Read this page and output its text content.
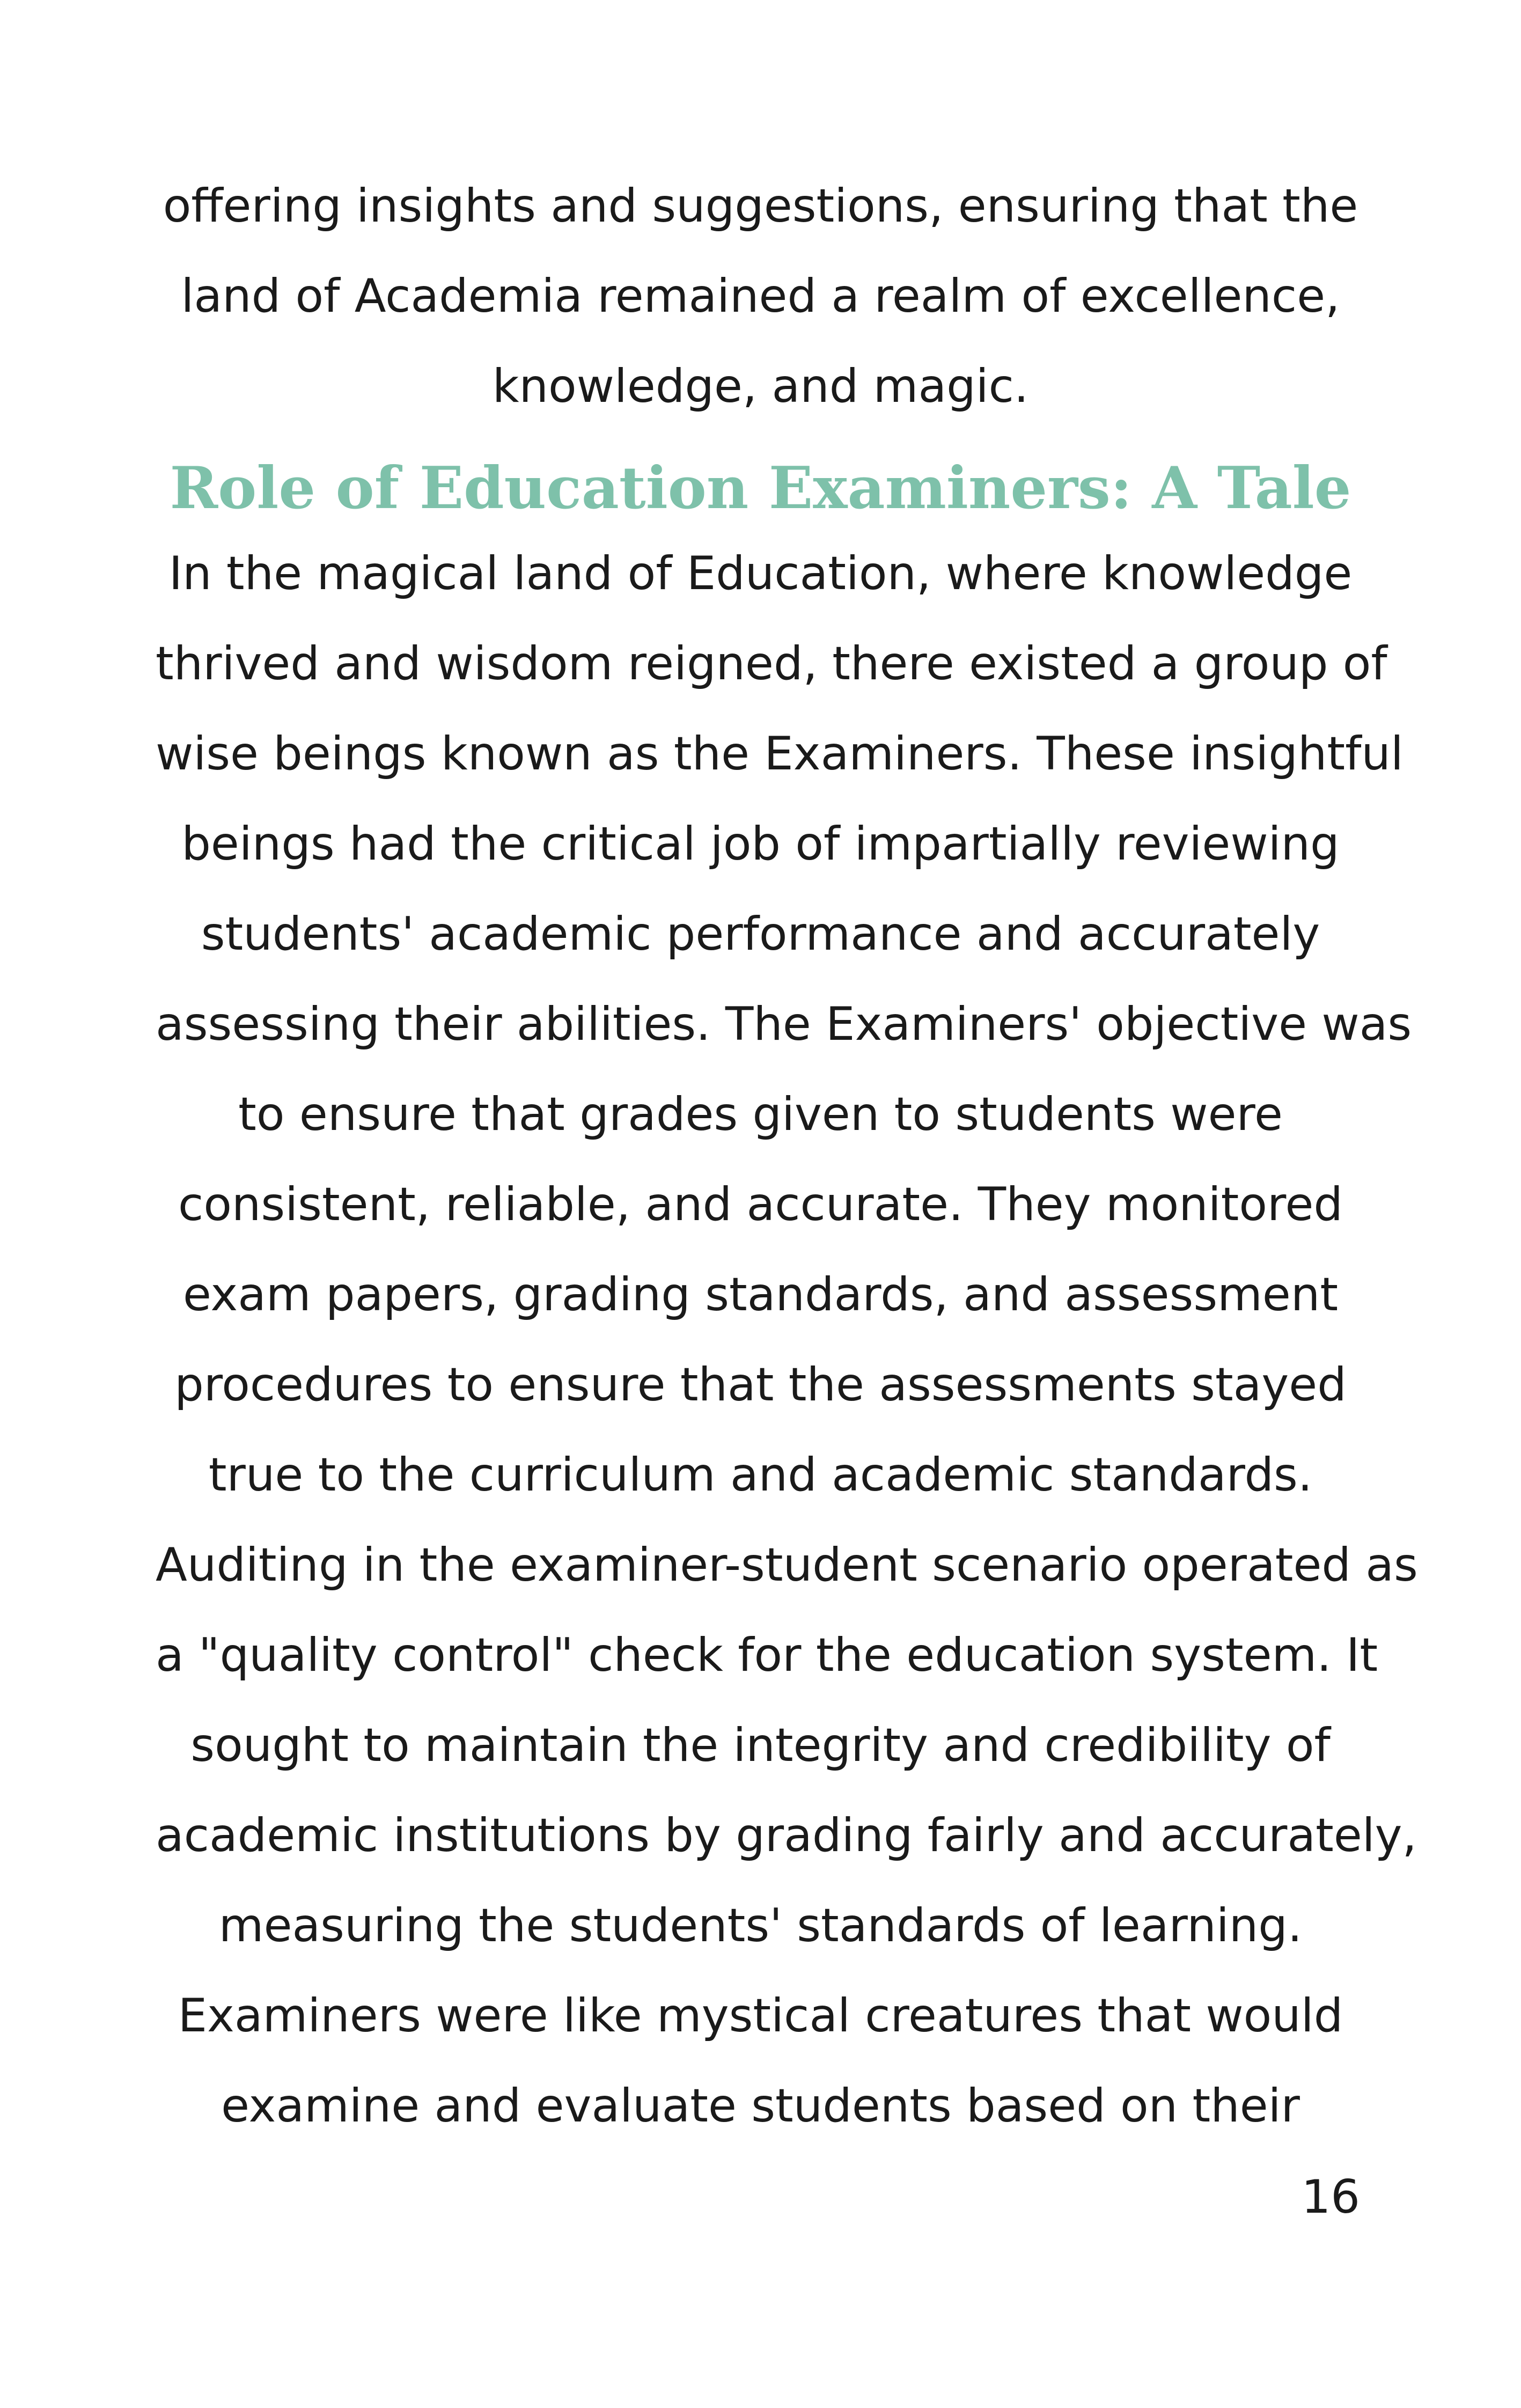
offering insights and suggestions, ensuring that the
land of Academia remained a realm of excellence,
knowledge, and magic.
Role of Education Examiners: A Tale
In the magical land of Education, where knowledge
thrived and wisdom reigned, there existed a group of
wise beings known as the Examiners. These insightful
beings had the critical job of impartially reviewing
students' academic performance and accurately
assessing their abilities. The Examiners' objective was
to ensure that grades given to students were
consistent, reliable, and accurate. They monitored
exam papers, grading standards, and assessment
procedures to ensure that the assessments stayed
true to the curriculum and academic standards.
Auditing in the examiner-student scenario operated as
a "quality control" check for the education system. It
sought to maintain the integrity and credibility of
academic institutions by grading fairly and accurately,
measuring the students' standards of learning.
Examiners were like mystical creatures that would
examine and evaluate students based on their
16
